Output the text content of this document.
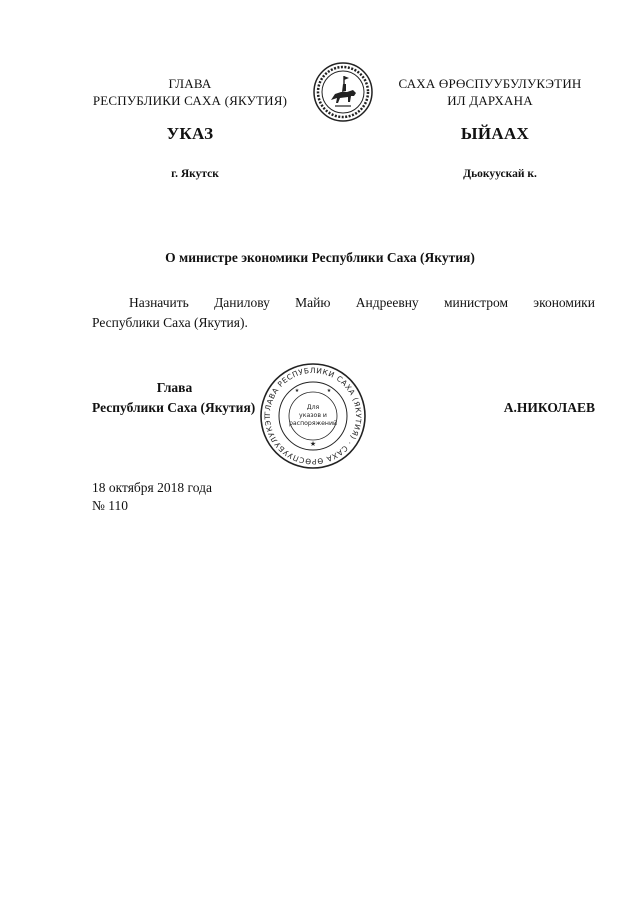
ГЛАВА
РЕСПУБЛИКИ САХА (ЯКУТИЯ)
САХА ӨРӨСПУУБУЛУКЭТИН
ИЛ ДАРХАНА
УКАЗ	ЫЙААХ
г. Якутск	Дьокуускай к.
О министре экономики Республики Саха (Якутия)
Назначить Данилову Майю Андреевну министром экономики
Республики Саха (Якутия).
ГЛАВА РЕСПУБЛИКИ САХА (ЯКУТИЯ) · САХА ӨРӨСПУУБУЛУКЭТ
Для
указов и
распоряжений
★
★	★
Глава
Республики Саха (Якутия)	А.НИКОЛАЕВ
18 октября 2018 года
№ 110
